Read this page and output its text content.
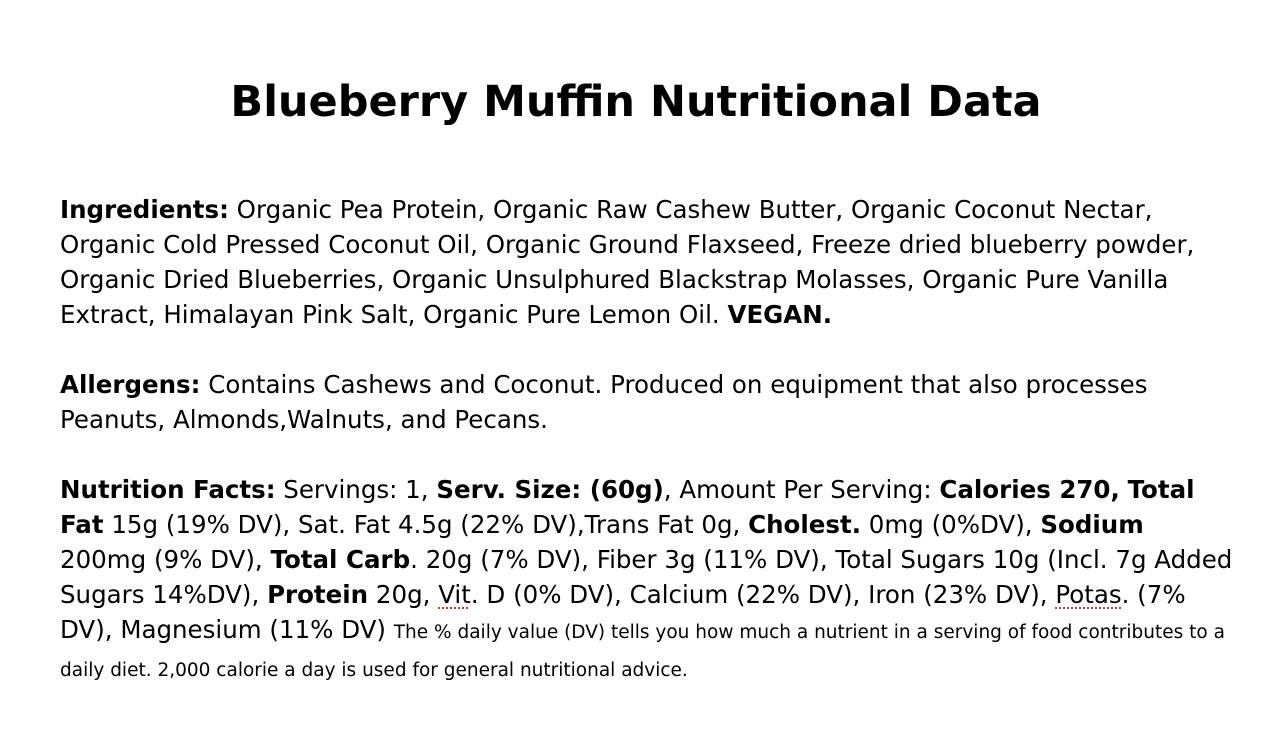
Blueberry Muffin Nutritional Data

Ingredients: Organic Pea Protein, Organic Raw Cashew Butter, Organic Coconut Nectar, Organic Cold Pressed Coconut Oil, Organic Ground Flaxseed, Freeze dried blueberry powder, Organic Dried Blueberries, Organic Unsulphured Blackstrap Molasses, Organic Pure Vanilla Extract, Himalayan Pink Salt, Organic Pure Lemon Oil. VEGAN.

Allergens: Contains Cashews and Coconut. Produced on equipment that also processes Peanuts, Almonds,Walnuts, and Pecans.

Nutrition Facts: Servings: 1, Serv. Size: (60g), Amount Per Serving: Calories 270, Total Fat 15g (19% DV), Sat. Fat 4.5g (22% DV),Trans Fat 0g, Cholest. 0mg (0%DV), Sodium 200mg (9% DV), Total Carb. 20g (7% DV), Fiber 3g (11% DV), Total Sugars 10g (Incl. 7g Added Sugars 14%DV), Protein 20g, Vit. D (0% DV), Calcium (22% DV), Iron (23% DV), Potas. (7% DV), Magnesium (11% DV) The % daily value (DV) tells you how much a nutrient in a serving of food contributes to a daily diet. 2,000 calorie a day is used for general nutritional advice.
